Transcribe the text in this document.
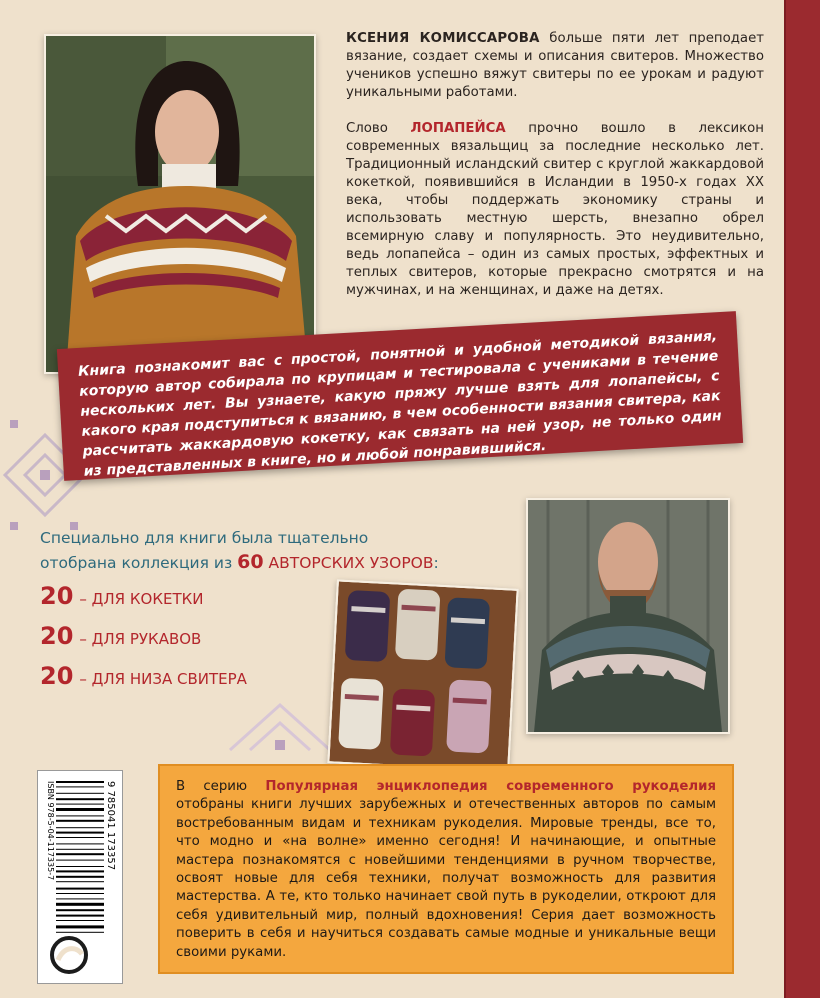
КСЕНИЯ КОМИССАРОВА больше пяти лет преподает вязание, создает схемы и описания свитеров. Множество учеников успешно вяжут свитеры по ее урокам и радуют уникальными работами.
Слово ЛОПАПЕЙСА прочно вошло в лексикон современных вязальщиц за последние несколько лет. Традиционный исландский свитер с круглой жаккардовой кокеткой, появившийся в Исландии в 1950-х годах XX века, чтобы поддержать экономику страны и использовать местную шерсть, внезапно обрел всемирную славу и популярность. Это неудивительно, ведь лопапейса – один из самых простых, эффектных и теплых свитеров, которые прекрасно смотрятся и на мужчинах, и на женщинах, и даже на детях.
Книга познакомит вас с простой, понятной и удобной методикой вязания, которую автор собирала по крупицам и тестировала с учениками в течение нескольких лет. Вы узнаете, какую пряжу лучше взять для лопапейсы, с какого края подступиться к вязанию, в чем особенности вязания свитера, как рассчитать жаккардовую кокетку, как связать на ней узор, не только один из представленных в книге, но и любой понравившийся.
Специально для книги была тщательно отобрана коллекция из 60 АВТОРСКИХ УЗОРОВ:
20 – ДЛЯ КОКЕТКИ
20 – ДЛЯ РУКАВОВ
20 – ДЛЯ НИЗА СВИТЕРА
ISBN 978-5-04-117335-7	9 785041 173357	В серию Популярная энциклопедия современного рукоделия отобраны книги лучших зарубежных и отечественных авторов по самым востребованным видам и техникам рукоделия. Мировые тренды, все то, что модно и «на волне» именно сегодня! И начинающие, и опытные мастера познакомятся с новейшими тенденциями в ручном творчестве, освоят новые для себя техники, получат возможность для развития мастерства. А те, кто только начинает свой путь в рукоделии, откроют для себя удивительный мир, полный вдохновения! Серия дает возможность поверить в себя и научиться создавать самые модные и уникальные вещи своими руками.
